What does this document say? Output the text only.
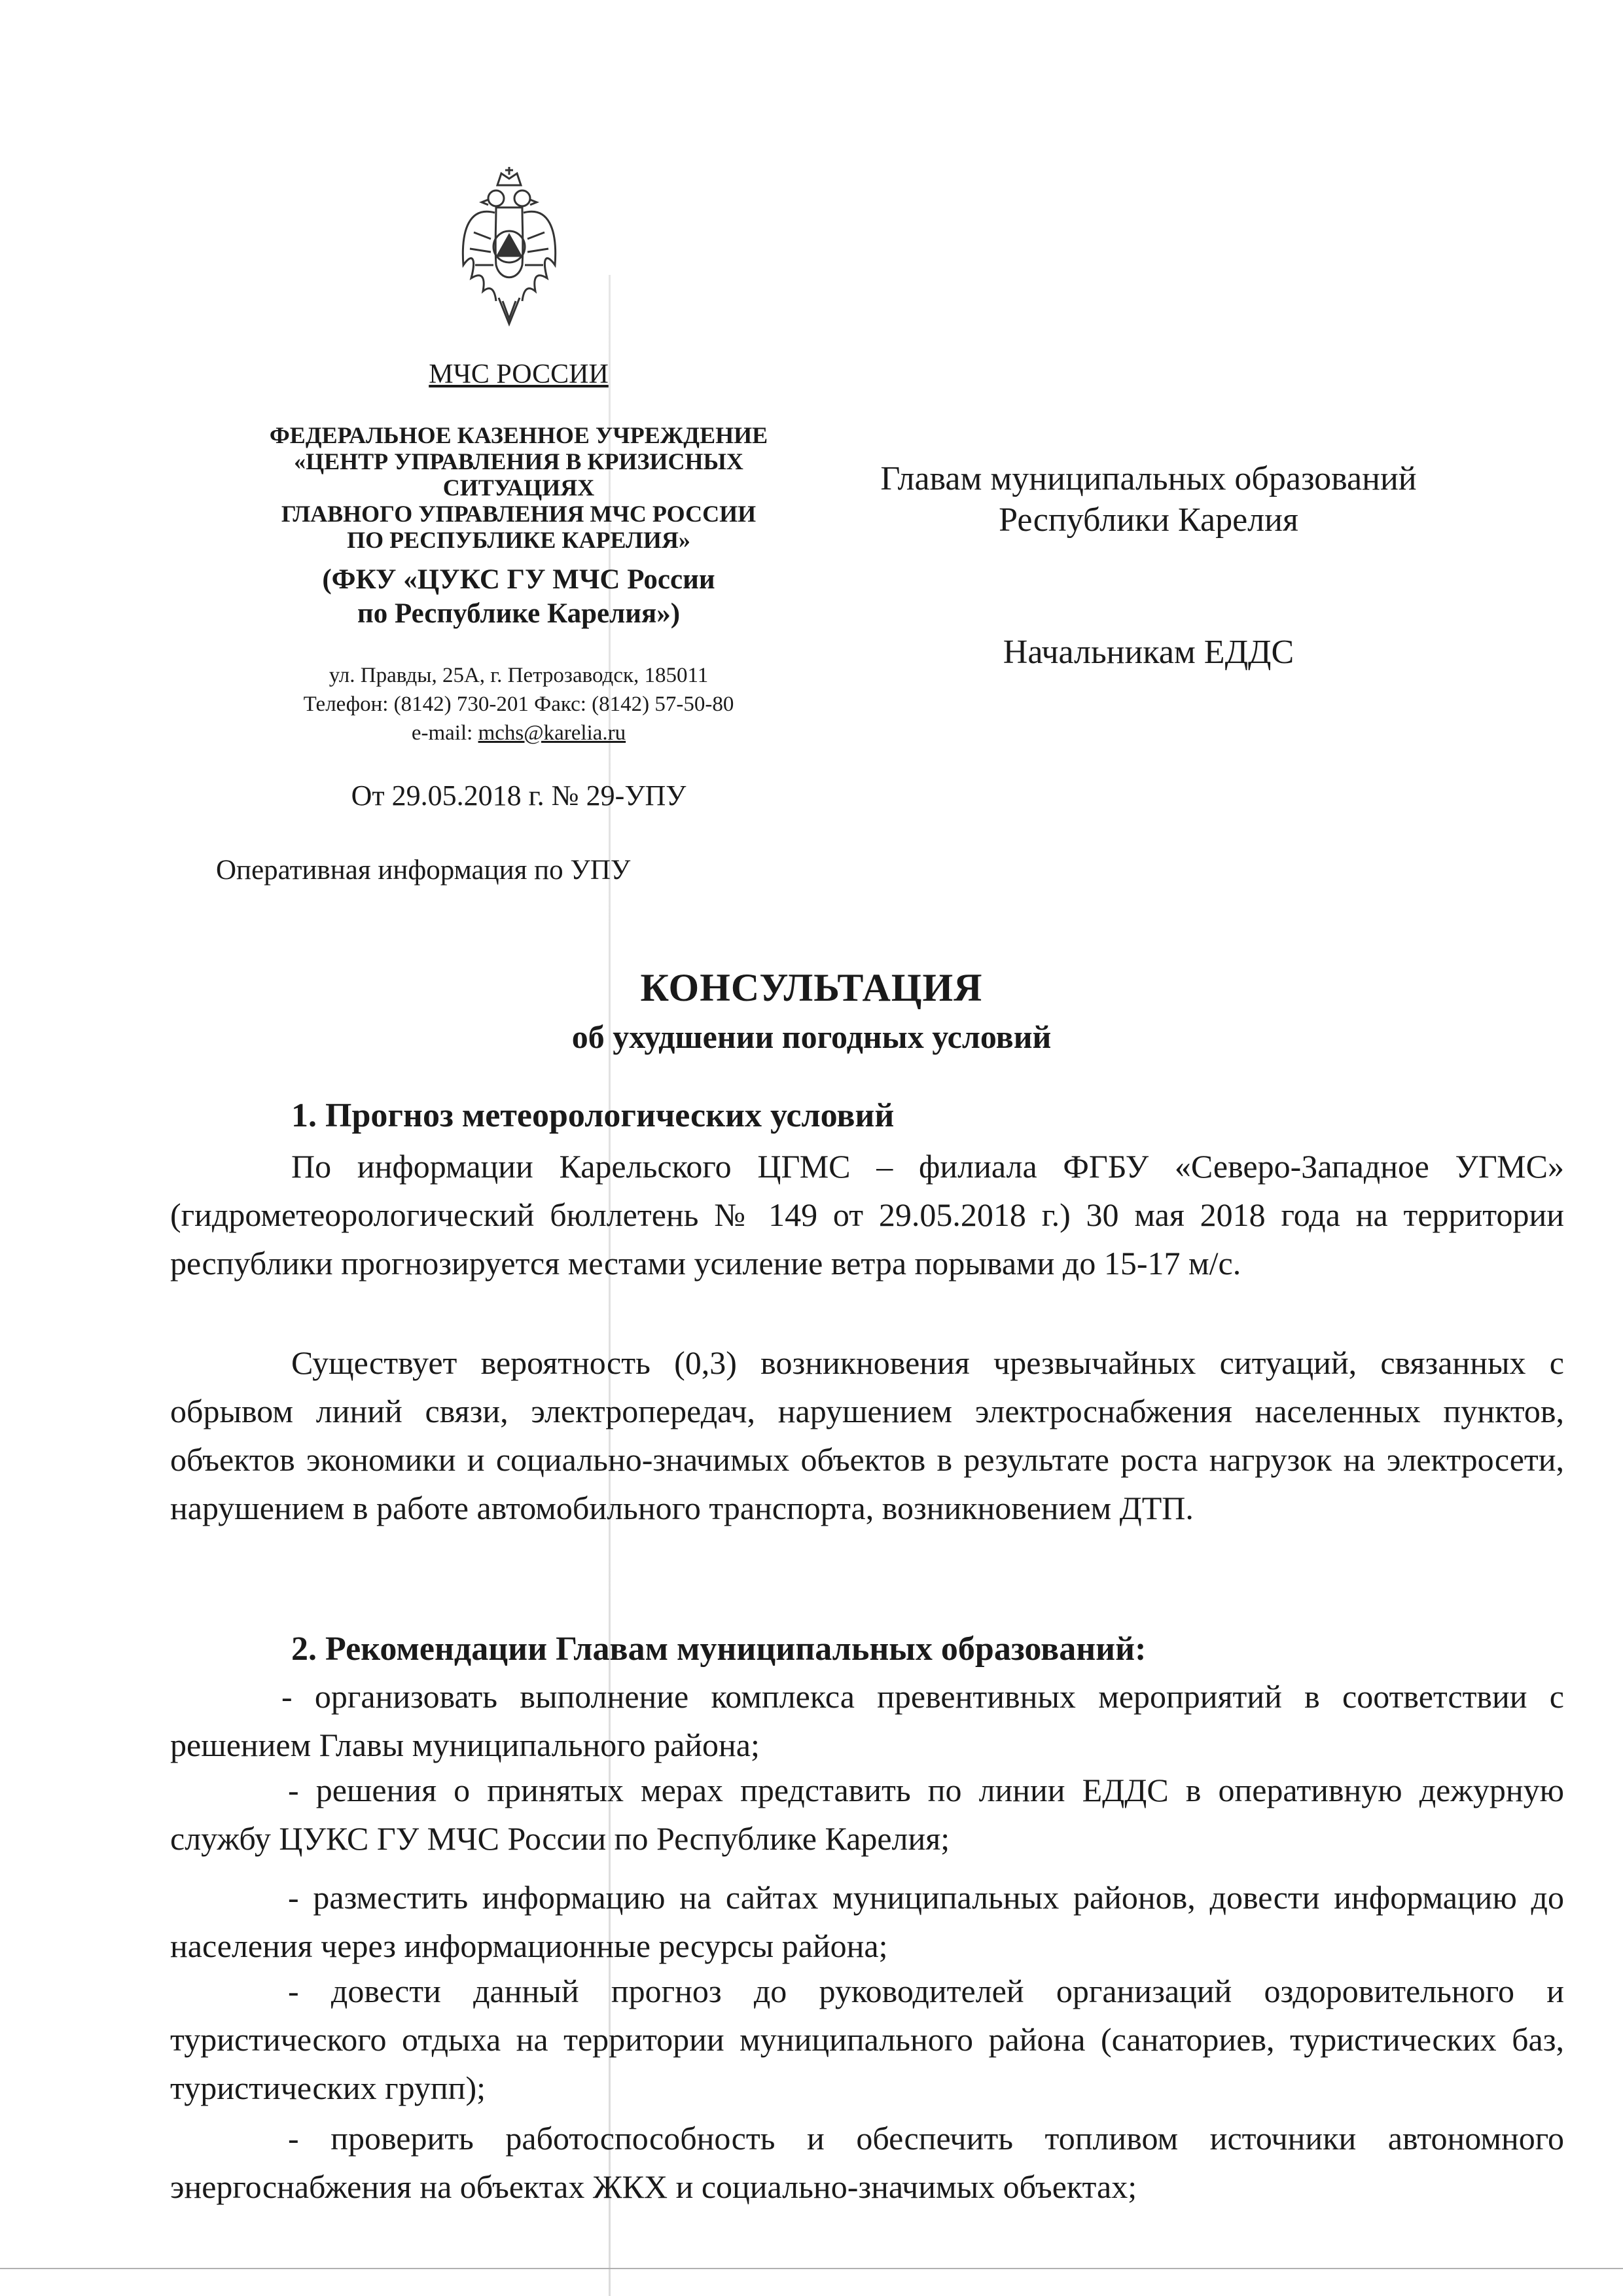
МЧС РОССИИ
ФЕДЕРАЛЬНОЕ КАЗЕННОЕ УЧРЕЖДЕНИЕ
«ЦЕНТР УПРАВЛЕНИЯ В КРИЗИСНЫХ
СИТУАЦИЯХ
ГЛАВНОГО УПРАВЛЕНИЯ МЧС РОССИИ
ПО РЕСПУБЛИКЕ КАРЕЛИЯ»
(ФКУ «ЦУКС ГУ МЧС России
по Республике Карелия»)
ул. Правды, 25А, г. Петрозаводск, 185011
Телефон: (8142) 730-201 Факс: (8142) 57-50-80
e-mail: mchs@karelia.ru
От 29.05.2018 г. № 29-УПУ
Оперативная информация по УПУ
Главам муниципальных образований
Республики Карелия
Начальникам ЕДДС
КОНСУЛЬТАЦИЯ
об ухудшении погодных условий
1. Прогноз метеорологических условий
По информации Карельского ЦГМС – филиала ФГБУ «Северо-Западное УГМС» (гидрометеорологический бюллетень № 149 от 29.05.2018 г.) 30 мая 2018 года на территории республики прогнозируется местами усиление ветра порывами до 15-17 м/с.
Существует вероятность (0,3) возникновения чрезвычайных ситуаций, связанных с обрывом линий связи, электропередач, нарушением электроснабжения населенных пунктов, объектов экономики и социально-значимых объектов в результате роста нагрузок на электросети, нарушением в работе автомобильного транспорта, возникновением ДТП.
2. Рекомендации Главам муниципальных образований:
- организовать выполнение комплекса превентивных мероприятий в соответствии с решением Главы муниципального района;
- решения о принятых мерах представить по линии ЕДДС в оперативную дежурную службу ЦУКС ГУ МЧС России по Республике Карелия;
- разместить информацию на сайтах муниципальных районов, довести информацию до населения через информационные ресурсы района;
- довести данный прогноз до руководителей организаций оздоровительного и туристического отдыха на территории муниципального района (санаториев, туристических баз, туристических групп);
- проверить работоспособность и обеспечить топливом источники автономного энергоснабжения на объектах ЖКХ и социально-значимых объектах;
